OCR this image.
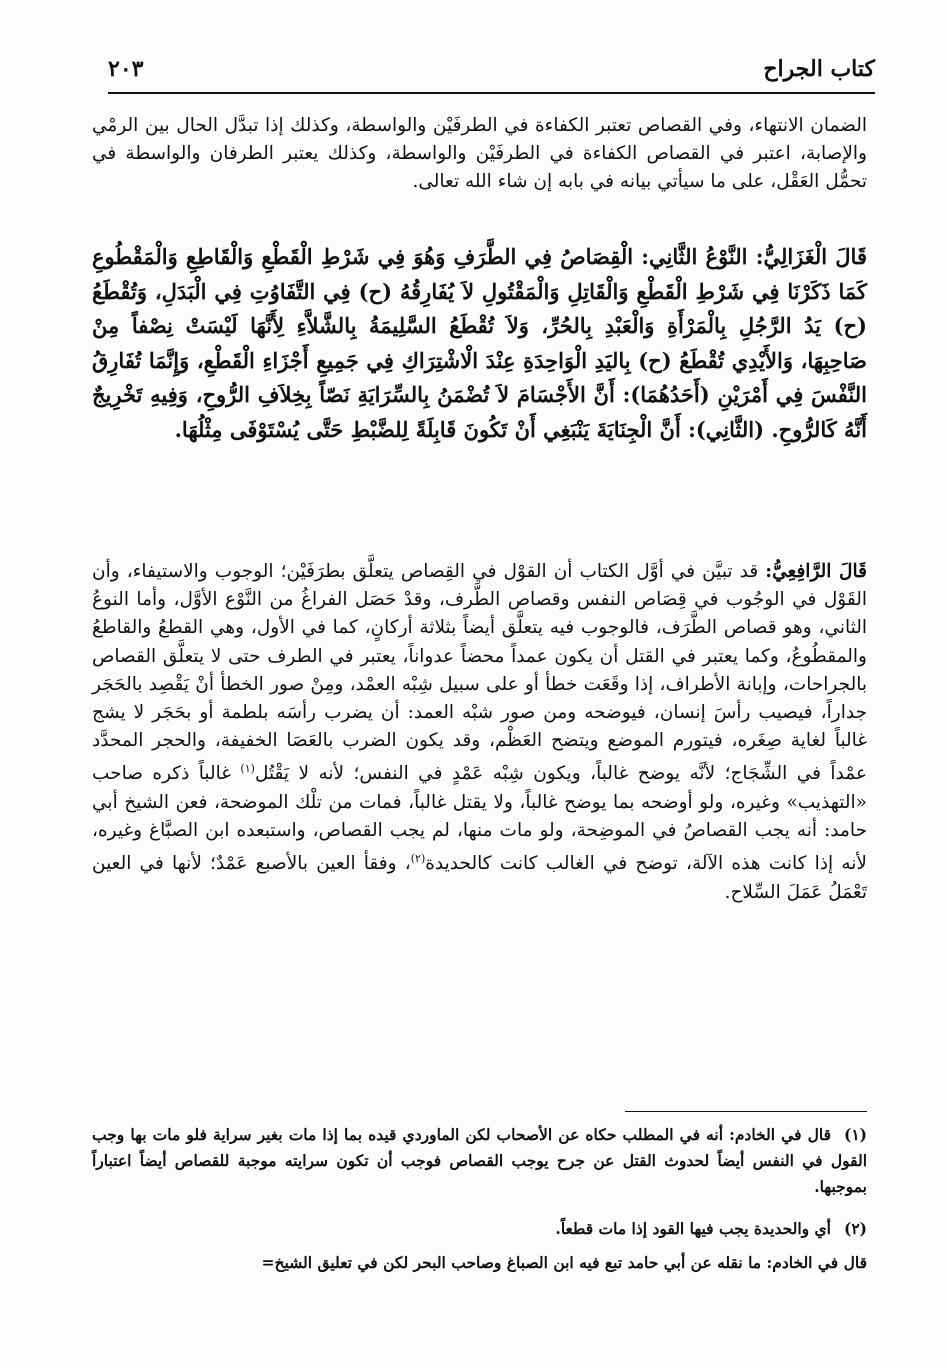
كتاب الجراح
٢٠٣
الضمان الانتهاء، وفي القصاص تعتبر الكفاءة في الطرفَيْن والواسطة، وكذلك إذا تبدَّل الحال بين الرمْي والإصابة، اعتبر في القصاص الكفاءة في الطرفَيْن والواسطة، وكذلك يعتبر الطرفان والواسطة في تحمُّل العَقْل، على ما سيأتي بيانه في بابه إن شاء الله تعالى.
قَالَ الْغَزَالِيُّ: النَّوْعُ الثَّانِي: الْقِصَاصُ فِي الطَّرَفِ وَهُوَ فِي شَرْطِ الْقَطْعِ وَالْقَاطِعِ وَالْمَقْطُوعِ كَمَا ذَكَرْنَا فِي شَرْطِ الْقَطْعِ وَالْقَاتِلِ وَالْمَقْتُولِ لاَ يُفَارِقُهُ (ح) فِي التَّفَاوُتِ فِي الْبَدَلِ، وَتُقْطَعُ (ح) يَدُ الرَّجُلِ بِالْمَرْأَةِ وَالْعَبْدِ بِالحُرِّ، وَلاَ تُقْطَعُ السَّلِيمَةُ بِالشَّلاَّءِ لِأَنَّهَا لَيْسَتْ نِصْفاً مِنْ صَاحِبِهَا، وَالأَيْدِي تُقْطَعُ (ح) بِاليَدِ الْوَاحِدَةِ عِنْدَ الْاشْتِرَاكِ فِي جَمِيعِ أَجْزَاءِ الْقَطْعِ، وَإِنَّمَا تُفَارِقُ النَّفْسَ فِي أَمْرَيْنِ (أَحَدُهُمَا): أَنَّ الأَجْسَامَ لاَ تُضْمَنُ بِالسِّرَايَةِ نَصّاً بِخِلاَفِ الرُّوحِ، وَفِيهِ تَخْرِيجٌ أَنَّهُ كَالرُّوحِ. (الثَّانِي): أَنَّ الْجِنَايَةَ يَنْبَغِي أَنْ تَكُونَ قَابِلَةً لِلضَّبْطِ حَتَّى يُسْتَوْفَى مِثْلُهَا.
قَالَ الرَّافِعِيُّ: قد تبيَّن في أوَّل الكتاب أن القوْل في القِصاص يتعلَّق بطرَفَيْن؛ الوجوب والاستيفاء، وأن القَوْل في الوجُوب في قِصَاص النفس وقصاص الطَّرف، وقدْ حَصَل الفراغُ من النَّوْع الأوَّل، وأما النوعُ الثاني، وهو قصاص الطَّرَف، فالوجوب فيه يتعلَّق أيضاً بثلاثة أركانٍ، كما في الأول، وهي القطعُ والقاطعُ والمقطُوعُ، وكما يعتبر في القتل أن يكون عمداً محضاً عدواناً، يعتبر في الطرف حتى لا يتعلَّق القصاص بالجراحات، وإبانة الأطراف، إذا وقَعَت خطأ أو على سبيل شِبْه العمْد، ومِنْ صور الخطأ أنْ يَقْصِد بالحَجَر جداراً، فيصيب رأسَ إنسان، فيوضحه ومن صور شبْه العمد: أن يضرب رأسَه بلطمة أو بحَجَر لا يشج غالباً لغاية صِغَره، فيتورم الموضع ويتضح العَظْم، وقد يكون الضرب بالعَصَا الخفيفة، والحجر المحدَّد عمْداً في الشِّجَاج؛ لأنَّه يوضح غالباً، ويكون شِبْه عَمْدٍ في النفس؛ لأنه لا يَقْتُل$^{(١)}$ غالباً ذكره صاحب «التهذيب» وغيره، ولو أوضحه بما يوضح غالباً، ولا يقتل غالباً، فمات من تلْك الموضحة، فعن الشيخ أبي حامد: أنه يجب القصاصُ في الموضِحة، ولو مات منها، لم يجب القصاص، واستبعده ابن الصبَّاغ وغيره، لأنه إذا كانت هذه الآلة، توضح في الغالب كانت كالحديدة$^{(٢)}$، وفقأ العين بالأصبع عَمْدٌ؛ لأنها في العين تَعْمَلُ عَمَلَ السِّلاح.
(١)قال في الخادم: أنه في المطلب حكاه عن الأصحاب لكن الماوردي قيده بما إذا مات بغير سراية فلو مات بها وجب القول في النفس أيضاً لحدوث القتل عن جرح يوجب القصاص فوجب أن تكون سرايته موجبة للقصاص أيضاً اعتباراً بموجبها.
(٢)أي والحديدة يجب فيها القود إذا مات قطعاً.
قال في الخادم: ما نقله عن أبي حامد تبع فيه ابن الصباغ وصاحب البحر لكن في تعليق الشيخ=
